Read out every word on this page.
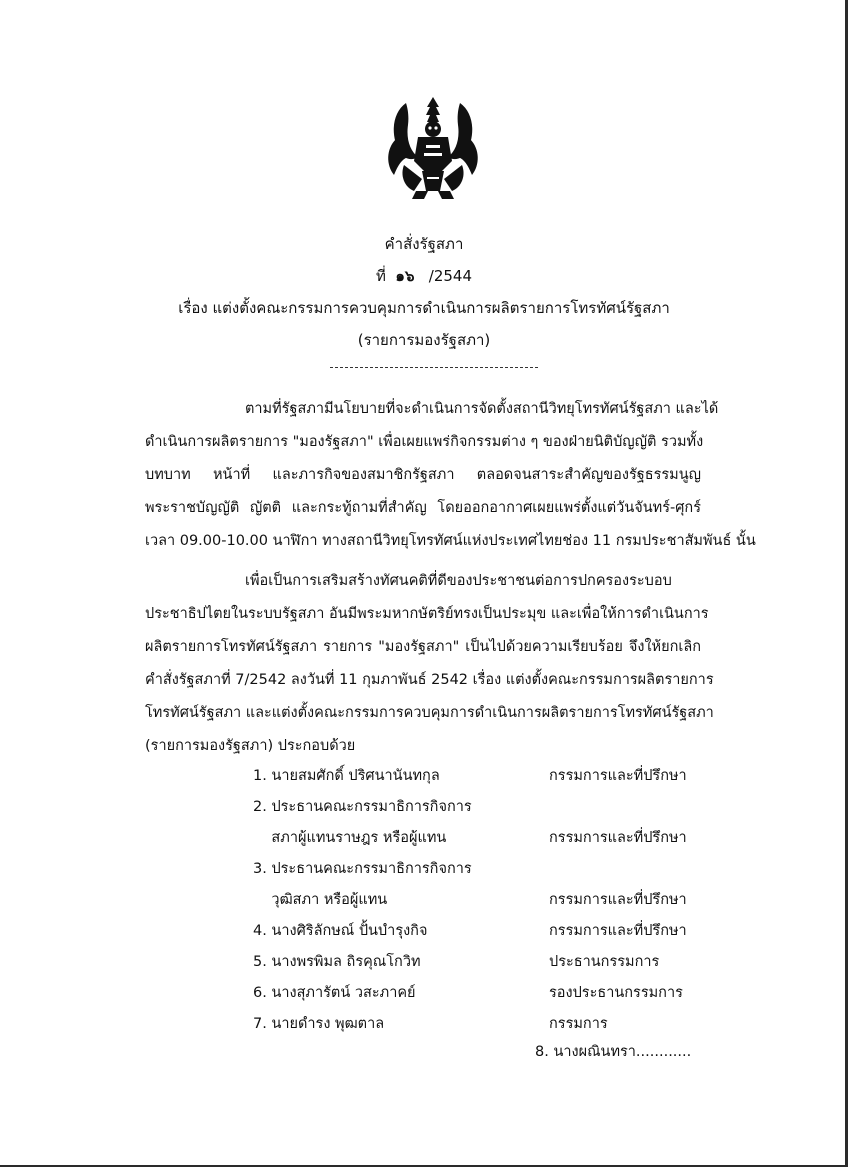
คำสั่งรัฐสภา
ที่ ๑๖ /2544
เรื่อง แต่งตั้งคณะกรรมการควบคุมการดำเนินการผลิตรายการโทรทัศน์รัฐสภา
(รายการมองรัฐสภา)
ตามที่รัฐสภามีนโยบายที่จะดำเนินการจัดตั้งสถานีวิทยุโทรทัศน์รัฐสภา และได้
ดำเนินการผลิตรายการ "มองรัฐสภา" เพื่อเผยแพร่กิจกรรมต่าง ๆ ของฝ่ายนิติบัญญัติ รวมทั้ง
บทบาท หน้าที่ และภารกิจของสมาชิกรัฐสภา ตลอดจนสาระสำคัญของรัฐธรรมนูญ
พระราชบัญญัติ ญัตติ และกระทู้ถามที่สำคัญ โดยออกอากาศเผยแพร่ตั้งแต่วันจันทร์-ศุกร์
เวลา 09.00-10.00 นาฬิกา ทางสถานีวิทยุโทรทัศน์แห่งประเทศไทยช่อง 11 กรมประชาสัมพันธ์ นั้น
เพื่อเป็นการเสริมสร้างทัศนคติที่ดีของประชาชนต่อการปกครองระบอบ
ประชาธิปไตยในระบบรัฐสภา อันมีพระมหากษัตริย์ทรงเป็นประมุข และเพื่อให้การดำเนินการ
ผลิตรายการโทรทัศน์รัฐสภา รายการ "มองรัฐสภา" เป็นไปด้วยความเรียบร้อย จึงให้ยกเลิก
คำสั่งรัฐสภาที่ 7/2542 ลงวันที่ 11 กุมภาพันธ์ 2542 เรื่อง แต่งตั้งคณะกรรมการผลิตรายการ
โทรทัศน์รัฐสภา และแต่งตั้งคณะกรรมการควบคุมการดำเนินการผลิตรายการโทรทัศน์รัฐสภา
(รายการมองรัฐสภา) ประกอบด้วย
1. นายสมศักดิ์ ปริศนานันทกุล	กรรมการและที่ปรึกษา
2. ประธานคณะกรรมาธิการกิจการ
สภาผู้แทนราษฎร หรือผู้แทน	กรรมการและที่ปรึกษา
3. ประธานคณะกรรมาธิการกิจการ
วุฒิสภา หรือผู้แทน	กรรมการและที่ปรึกษา
4. นางศิริลักษณ์ ปั้นบำรุงกิจ	กรรมการและที่ปรึกษา
5. นางพรพิมล ถิรคุณโกวิท	ประธานกรรมการ
6. นางสุภารัตน์ วสะภาคย์	รองประธานกรรมการ
7. นายดำรง พุฒตาล	กรรมการ
8. นางผณินทรา............
